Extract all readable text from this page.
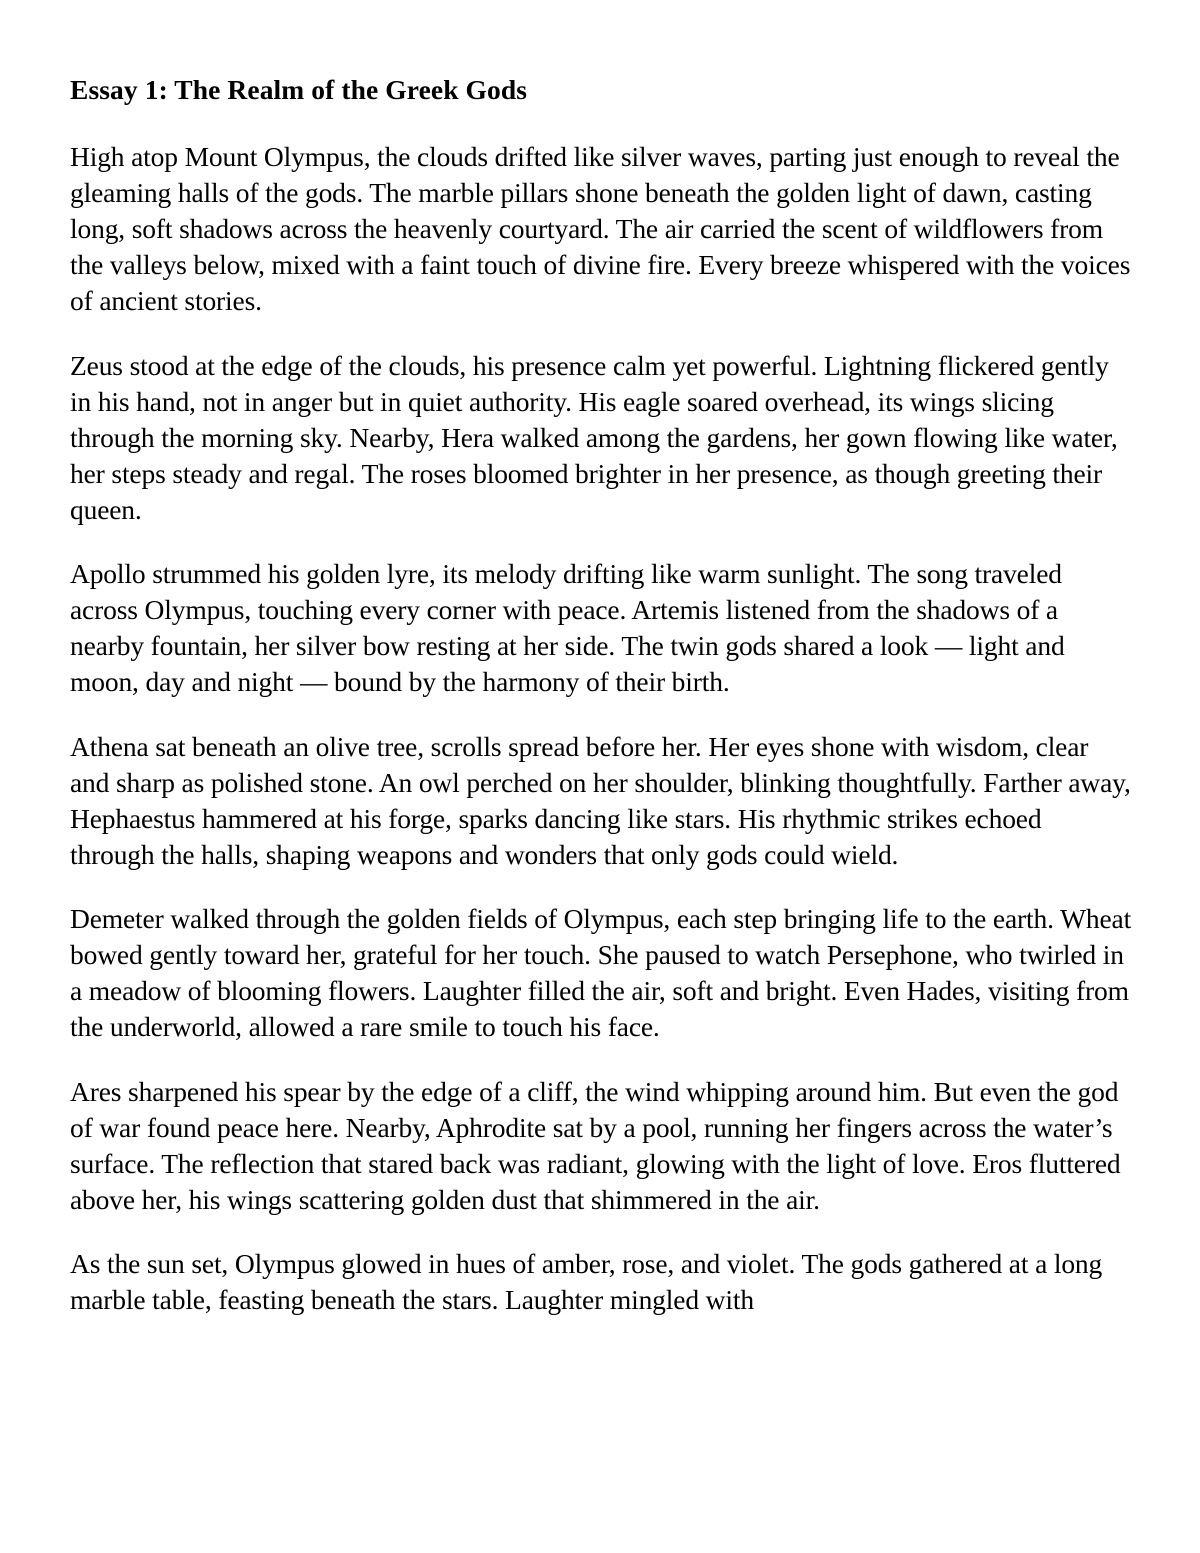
Essay 1: The Realm of the Greek Gods

High atop Mount Olympus, the clouds drifted like silver waves, parting just enough to reveal the gleaming halls of the gods. The marble pillars shone beneath the golden light of dawn, casting long, soft shadows across the heavenly courtyard. The air carried the scent of wildflowers from the valleys below, mixed with a faint touch of divine fire. Every breeze whispered with the voices of ancient stories.

Zeus stood at the edge of the clouds, his presence calm yet powerful. Lightning flickered gently in his hand, not in anger but in quiet authority. His eagle soared overhead, its wings slicing through the morning sky. Nearby, Hera walked among the gardens, her gown flowing like water, her steps steady and regal. The roses bloomed brighter in her presence, as though greeting their queen.

Apollo strummed his golden lyre, its melody drifting like warm sunlight. The song traveled across Olympus, touching every corner with peace. Artemis listened from the shadows of a nearby fountain, her silver bow resting at her side. The twin gods shared a look — light and moon, day and night — bound by the harmony of their birth.

Athena sat beneath an olive tree, scrolls spread before her. Her eyes shone with wisdom, clear and sharp as polished stone. An owl perched on her shoulder, blinking thoughtfully. Farther away, Hephaestus hammered at his forge, sparks dancing like stars. His rhythmic strikes echoed through the halls, shaping weapons and wonders that only gods could wield.

Demeter walked through the golden fields of Olympus, each step bringing life to the earth. Wheat bowed gently toward her, grateful for her touch. She paused to watch Persephone, who twirled in a meadow of blooming flowers. Laughter filled the air, soft and bright. Even Hades, visiting from the underworld, allowed a rare smile to touch his face.

Ares sharpened his spear by the edge of a cliff, the wind whipping around him. But even the god of war found peace here. Nearby, Aphrodite sat by a pool, running her fingers across the water’s surface. The reflection that stared back was radiant, glowing with the light of love. Eros fluttered above her, his wings scattering golden dust that shimmered in the air.

As the sun set, Olympus glowed in hues of amber, rose, and violet. The gods gathered at a long marble table, feasting beneath the stars. Laughter mingled with
